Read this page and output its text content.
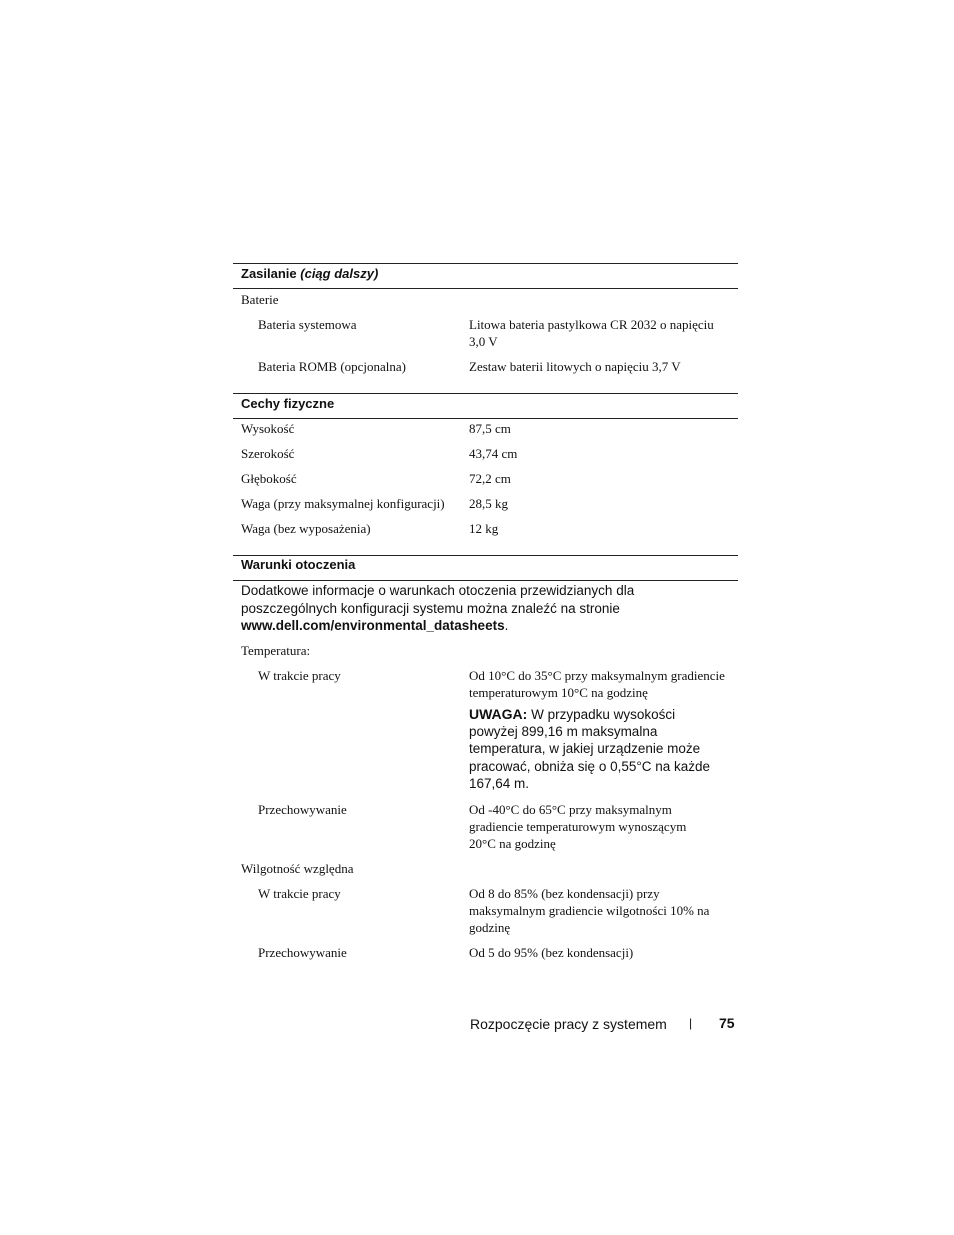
Zasilanie (ciąg dalszy)
Baterie
Bateria systemowa	Litowa bateria pastylkowa CR 2032 o napięciu 3,0 V
Bateria ROMB (opcjonalna)	Zestaw baterii litowych o napięciu 3,7 V
Cechy fizyczne
Wysokość	87,5 cm
Szerokość	43,74 cm
Głębokość	72,2 cm
Waga (przy maksymalnej konfiguracji) 28,5 kg
Waga (bez wyposażenia)	12 kg
Warunki otoczenia
Dodatkowe informacje o warunkach otoczenia przewidzianych dla poszczególnych konfiguracji systemu można znaleźć na stronie www.dell.com/environmental_datasheets.
Temperatura:
W trakcie pracy	Od 10°C do 35°C przy maksymalnym gradiencie temperaturowym 10°C na godzinę
UWAGA: W przypadku wysokości powyżej 899,16 m maksymalna temperatura, w jakiej urządzenie może pracować, obniża się o 0,55°C na każde 167,64 m.
Przechowywanie	Od -40°C do 65°C przy maksymalnym gradiencie temperaturowym wynoszącym 20°C na godzinę
Wilgotność względna
W trakcie pracy	Od 8 do 85% (bez kondensacji) przy maksymalnym gradiencie wilgotności 10% na godzinę
Przechowywanie	Od 5 do 95% (bez kondensacji)
Rozpoczęcie pracy z systemem | 75
